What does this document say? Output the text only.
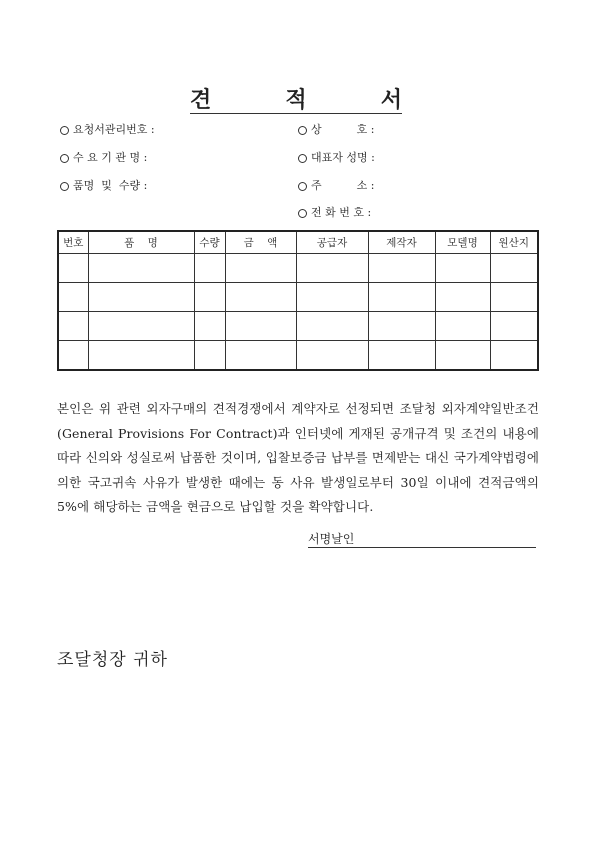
견	적	서
요청서관리번호 :
수 요 기 관 명 :
품명  및  수량 :
상          호 :
대표자 성명 :
주          소 :
전 화 번 호 :
번호	품    명	수량	금    액	공급자	제작자	모델명	원산지

본인은 위 관련 외자구매의 견적경쟁에서 계약자로 선정되면 조달청 외자계약일반조건(General Provisions For Contract)과 인터넷에 게재된 공개규격 및 조건의 내용에 따라 신의와 성실로써 납품한 것이며, 입찰보증금 납부를 면제받는 대신 국가계약법령에 의한 국고귀속 사유가 발생한 때에는 동 사유 발생일로부터 30일 이내에 견적금액의 5%에 해당하는 금액을 현금으로 납입할 것을 확약합니다.

서명날인
조달청장 귀하
